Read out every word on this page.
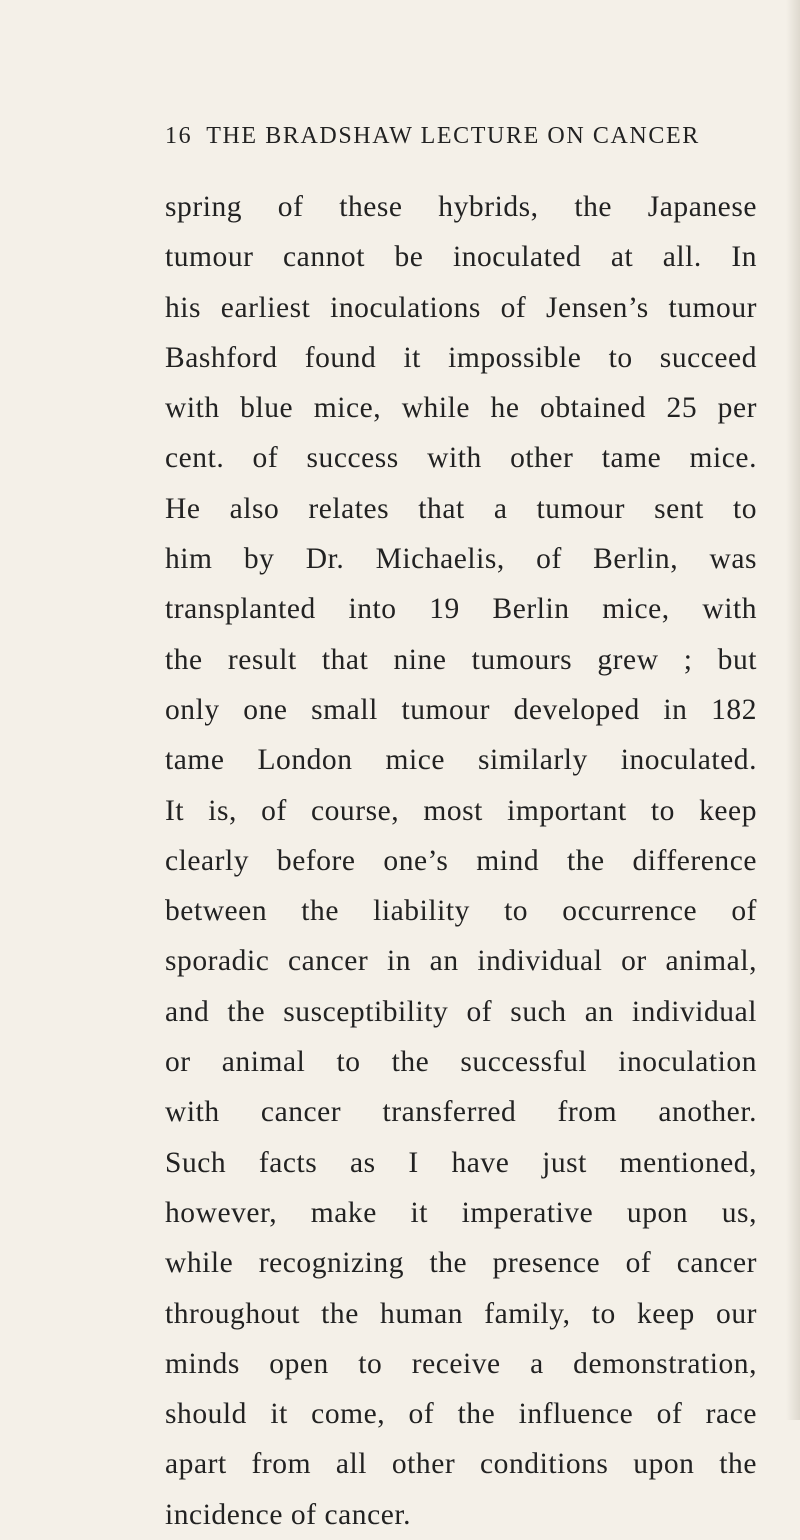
16 THE BRADSHAW LECTURE ON CANCER
spring of these hybrids, the Japanese
tumour cannot be inoculated at all. In
his earliest inoculations of Jensen’s tumour
Bashford found it impossible to succeed
with blue mice, while he obtained 25 per
cent. of success with other tame mice.
He also relates that a tumour sent to
him by Dr. Michaelis, of Berlin, was
transplanted into 19 Berlin mice, with
the result that nine tumours grew ; but
only one small tumour developed in 182
tame London mice similarly inoculated.
It is, of course, most important to keep
clearly before one’s mind the difference
between the liability to occurrence of
sporadic cancer in an individual or animal,
and the susceptibility of such an individual
or animal to the successful inoculation
with cancer transferred from another.
Such facts as I have just mentioned,
however, make it imperative upon us,
while recognizing the presence of cancer
throughout the human family, to keep our
minds open to receive a demonstration,
should it come, of the influence of race
apart from all other conditions upon the
incidence of cancer.
